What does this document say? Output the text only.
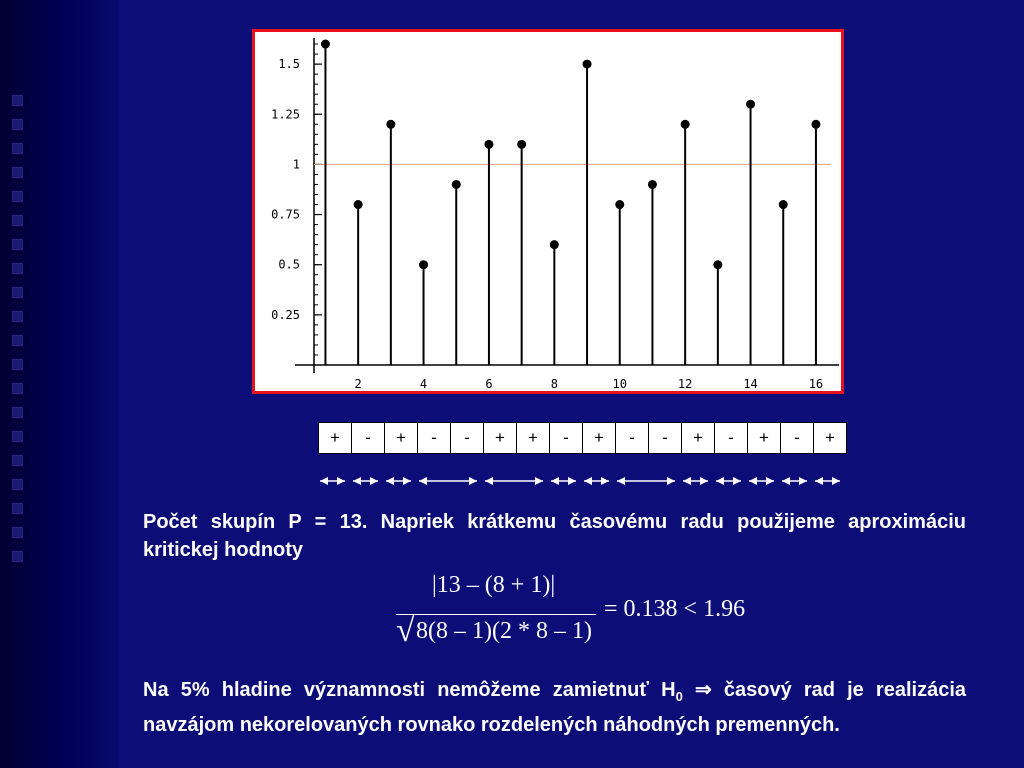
0.25
0.5
0.75
1
1.25
1.5
2	4	6	8	10	12	14	16
+	-	+	-	-	+	+	-	+	-	-	+	-	+	-	+
Počet skupín P = 13. Napriek krátkemu časovému radu použijeme aproximáciu kritickej hodnoty
|13 – (8 + 1)|
√ 8(8 – 1)(2 * 8 – 1)
= 0.138 < 1.96
Na 5% hladine významnosti nemôžeme zamietnuť $H_0$ ⇒ časový rad je realizácia navzájom nekorelovaných rovnako rozdelených náhodných premenných.
